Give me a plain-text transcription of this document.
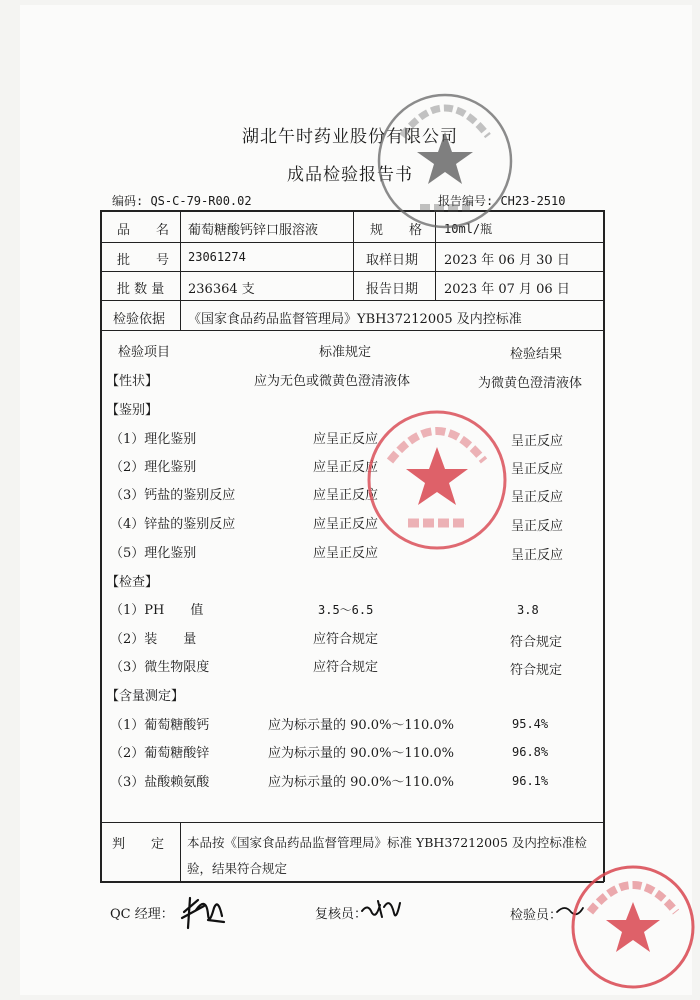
湖北午时药业股份有限公司
成品检验报告书
编码: QS-C-79-R00.02	报告编号: CH23-2510
品　　名 葡萄糖酸钙锌口服溶液	规　　格 10ml/瓶
批　　号 23061274	取样日期 2023 年 06 月 30 日
批 数 量 236364 支	报告日期 2023 年 07 月 06 日
检验依据 《国家食品药品监督管理局》YBH37212005 及内控标准
检验项目	标准规定	检验结果
【性状】	应为无色或微黄色澄清液体	为微黄色澄清液体
【鉴别】
（1）理化鉴别	应呈正反应	呈正反应
（2）理化鉴别	应呈正反应	呈正反应
（3）钙盐的鉴别反应	应呈正反应	呈正反应
（4）锌盐的鉴别反应	应呈正反应	呈正反应
（5）理化鉴别	应呈正反应	呈正反应
【检查】
（1）PH　　值	3.5～6.5	3.8
（2）装　　量	应符合规定	符合规定
（3）微生物限度	应符合规定	符合规定
【含量测定】
（1）葡萄糖酸钙	应为标示量的 90.0%～110.0%	95.4%
（2）葡萄糖酸锌	应为标示量的 90.0%～110.0%	96.8%
（3）盐酸赖氨酸	应为标示量的 90.0%～110.0%	96.1%
判　　定 本品按《国家食品药品监督管理局》标准 YBH37212005 及内控标准检
验，结果符合规定
QC 经理：	复核员：	检验员：
